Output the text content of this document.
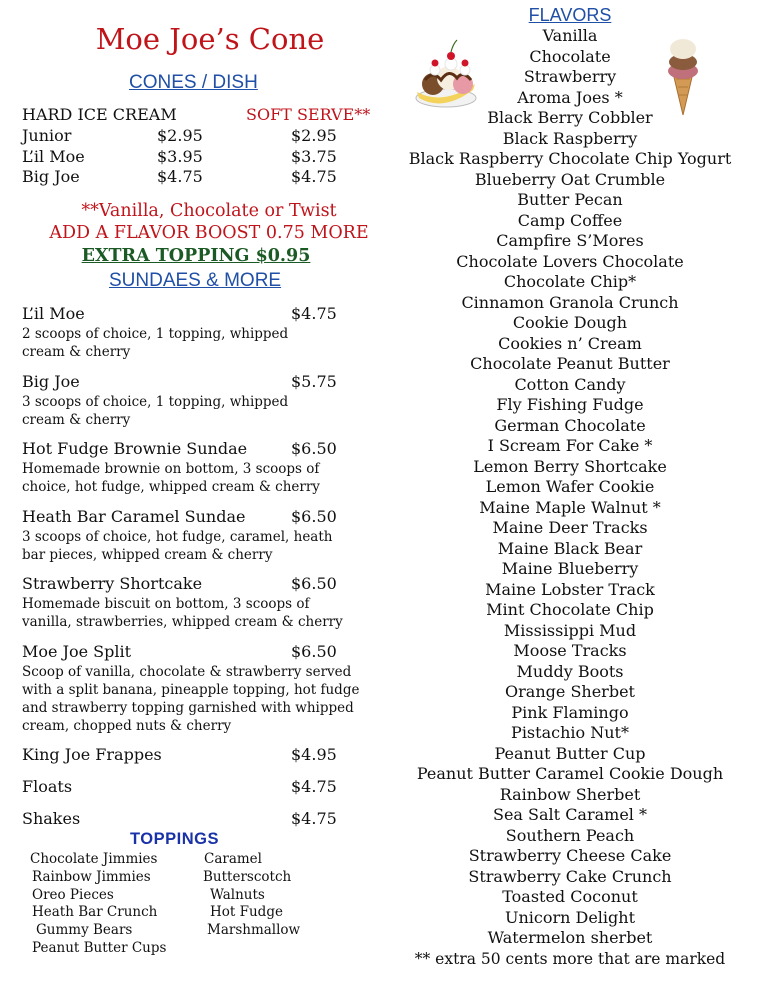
Moe Joe’s Cone
CONES / DISH
HARD ICE CREAM	SOFT SERVE**
Junior	$2.95	$2.95
L’il Moe	$3.95	$3.75
Big Joe	$4.75	$4.75
**Vanilla, Chocolate or Twist
ADD A FLAVOR BOOST 0.75 MORE
EXTRA TOPPING $0.95
SUNDAES & MORE
L’il Moe	$4.75
2 scoops of choice, 1 topping, whipped cream & cherry
Big Joe	$5.75
3 scoops of choice, 1 topping, whipped cream & cherry
Hot Fudge Brownie Sundae	$6.50
Homemade brownie on bottom, 3 scoops of choice, hot fudge, whipped cream & cherry
Heath Bar Caramel Sundae	$6.50
3 scoops of choice, hot fudge, caramel, heath bar pieces, whipped cream & cherry
Strawberry Shortcake	$6.50
Homemade biscuit on bottom, 3 scoops of vanilla, strawberries, whipped cream & cherry
Moe Joe Split	$6.50
Scoop of vanilla, chocolate & strawberry served with a split banana, pineapple topping, hot fudge and strawberry topping garnished with whipped cream, chopped nuts & cherry
King Joe Frappes	$4.95
Floats	$4.75
Shakes	$4.75
TOPPINGS
Chocolate Jimmies
Rainbow Jimmies
Oreo Pieces
Heath Bar Crunch
Gummy Bears
Peanut Butter Cups
Caramel
Butterscotch
Walnuts
Hot Fudge
Marshmallow
FLAVORS
Vanilla
Chocolate
Strawberry
Aroma Joes *
Black Berry Cobbler
Black Raspberry
Black Raspberry Chocolate Chip Yogurt
Blueberry Oat Crumble
Butter Pecan
Camp Coffee
Campfire S’Mores
Chocolate Lovers Chocolate
Chocolate Chip*
Cinnamon Granola Crunch
Cookie Dough
Cookies n’ Cream
Chocolate Peanut Butter
Cotton Candy
Fly Fishing Fudge
German Chocolate
I Scream For Cake *
Lemon Berry Shortcake
Lemon Wafer Cookie
Maine Maple Walnut *
Maine Deer Tracks
Maine Black Bear
Maine Blueberry
Maine Lobster Track
Mint Chocolate Chip
Mississippi Mud
Moose Tracks
Muddy Boots
Orange Sherbet
Pink Flamingo
Pistachio Nut*
Peanut Butter Cup
Peanut Butter Caramel Cookie Dough
Rainbow Sherbet
Sea Salt Caramel *
Southern Peach
Strawberry Cheese Cake
Strawberry Cake Crunch
Toasted Coconut
Unicorn Delight
Watermelon sherbet
** extra 50 cents more that are marked
